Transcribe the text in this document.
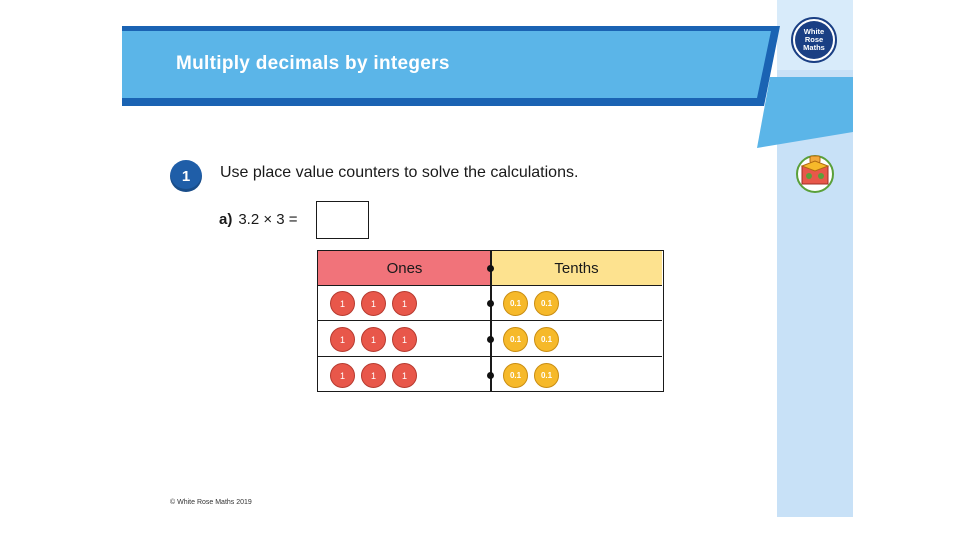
Multiply decimals by integers
White
Rose
Maths
1	Use place value counters to solve the calculations.
a) 3.2 × 3 =
Ones	Tenths
1	1	1	0.1	0.1
1	1	1	0.1	0.1
1	1	1	0.1	0.1
© White Rose Maths 2019
